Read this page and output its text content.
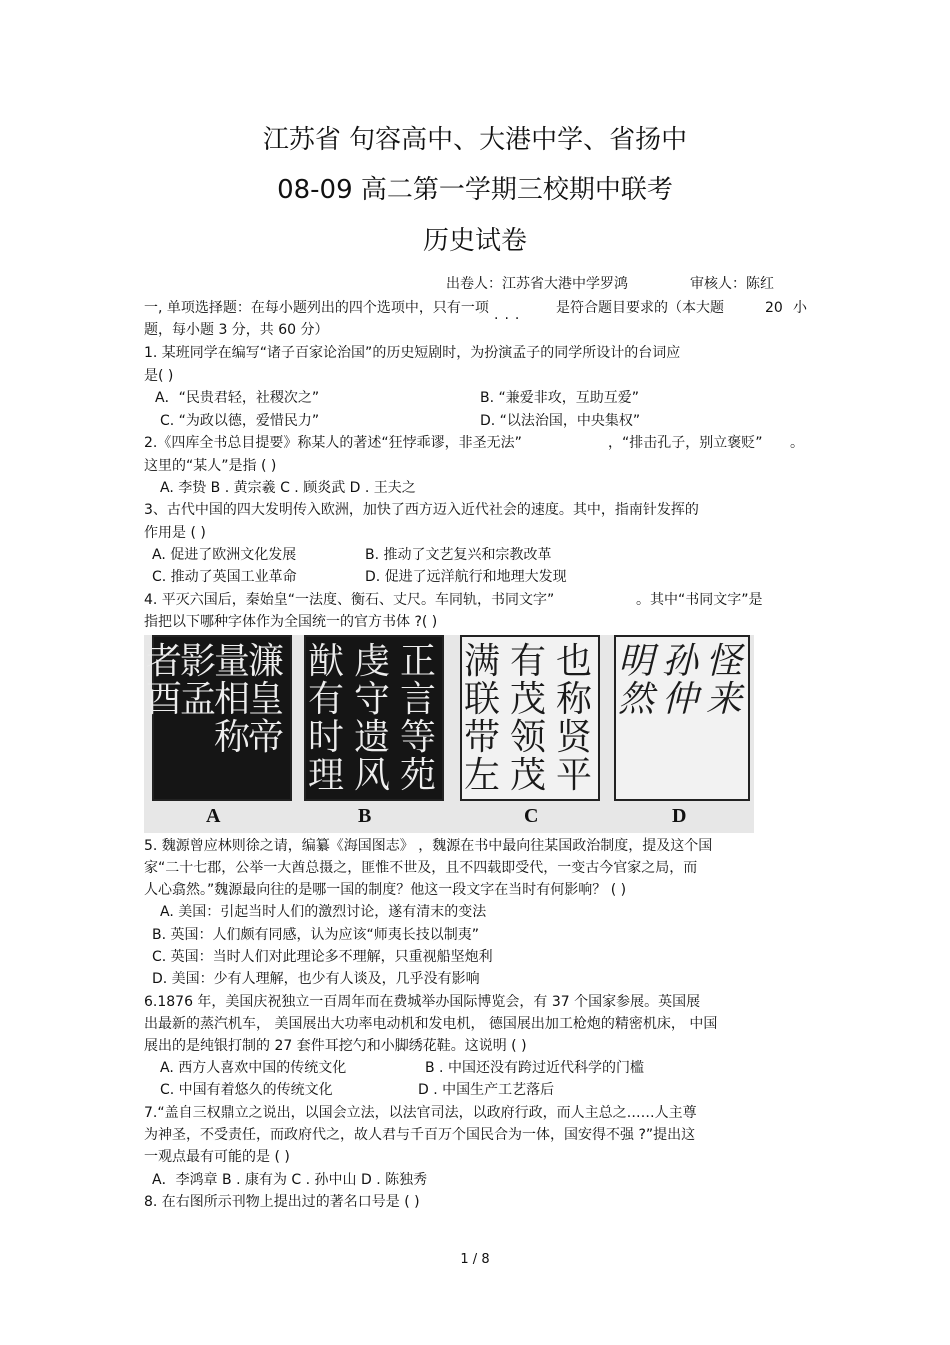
江苏省 句容高中、大港中学、省扬中
08-09 高二第一学期三校期中联考
历史试卷
出卷人：江苏省大港中学罗鸿	审核人：陈红
一, 单项选择题：在每小题列出的四个选项中，只有一项
···
是符合题目要求的（本大题	20 小
题，每小题 3 分，共 60 分）
1. 某班同学在编写“诸子百家论治国”的历史短剧时，为扮演孟子的同学所设计的台词应
是( )
A．“民贵君轻，社稷次之”	B. “兼爱非攻，互助互爱”
C. “为政以德，爱惜民力”	D. “以法治国，中央集权”
2.《四库全书总目提要》称某人的著述“狂悖乖谬，非圣无法”	，“排击孔子，别立褒贬” 。
这里的“某人”是指 ( )
A. 李贽 B . 黄宗羲 C . 顾炎武 D . 王夫之
3、古代中国的四大发明传入欧洲，加快了西方迈入近代社会的速度。其中，指南针发挥的
作用是 ( )
A. 促进了欧洲文化发展	B. 推动了文艺复兴和宗教改革
C. 推动了英国工业革命	D. 促进了远洋航行和地理大发现
4. 平灭六国后，秦始皇“一法度、衡石、丈尺。车同轨，书同文字”	。其中“书同文字”是
指把以下哪种字体作为全国统一的官方书体 ?( )
濂
皇
帝
量
相
称
影
孟
者
酉
正
言
等
苑
虔
守
遗
风
猷
有
时
理
也
称
贤
平
有
茂
领
茂
满
联
带
左
怪
来
孙
仲
明
然
A	B	C	D
5. 魏源曾应林则徐之请，编纂《海国图志》 ，魏源在书中最向往某国政治制度，提及这个国
家“二十七郡，公举一大酋总摄之，匪惟不世及，且不四载即受代，一变古今官家之局，而
人心翕然。”魏源最向往的是哪一国的制度？他这一段文字在当时有何影响？ ( )
A. 美国：引起当时人们的激烈讨论，遂有清末的变法
B. 英国：人们颇有同感，认为应该“师夷长技以制夷”
C. 英国：当时人们对此理论多不理解，只重视船坚炮利
D. 美国：少有人理解，也少有人谈及，几乎没有影响
6.1876 年，美国庆祝独立一百周年而在费城举办国际博览会，有 37 个国家参展。英国展
出最新的蒸汽机车， 美国展出大功率电动机和发电机， 德国展出加工枪炮的精密机床， 中国
展出的是纯银打制的 27 套件耳挖勺和小脚绣花鞋。这说明 ( )
A. 西方人喜欢中国的传统文化	B . 中国还没有跨过近代科学的门槛
C. 中国有着悠久的传统文化	D . 中国生产工艺落后
7.“盖自三权鼎立之说出，以国会立法，以法官司法，以政府行政，而人主总之……人主尊
为神圣，不受责任，而政府代之，故人君与千百万个国民合为一体，国安得不强 ?”提出这
一观点最有可能的是 ( )
A．李鸿章 B . 康有为 C . 孙中山 D . 陈独秀
8. 在右图所示刊物上提出过的著名口号是 ( )
1 / 8
